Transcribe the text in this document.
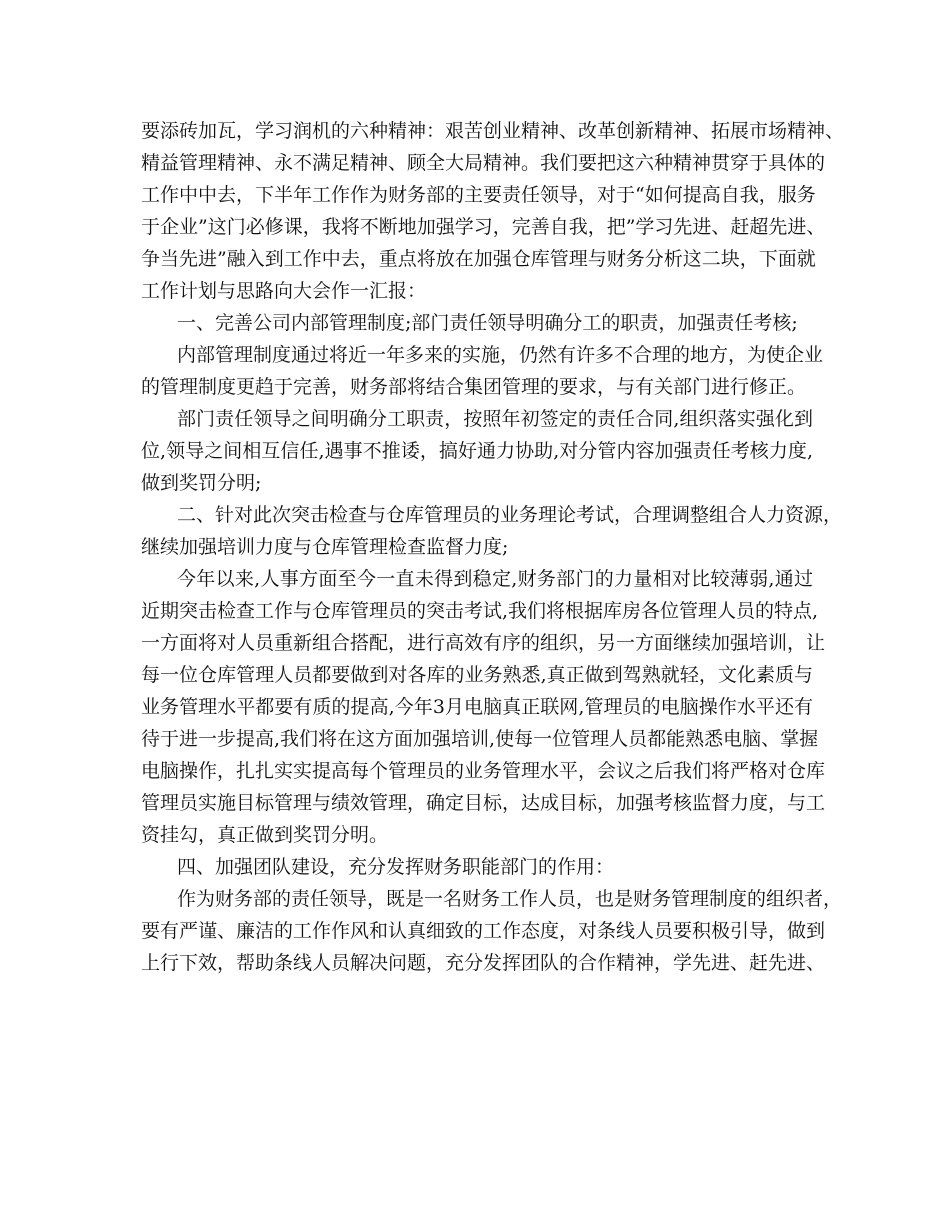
要添砖加瓦，学习润机的六种精神：艰苦创业精神、改革创新精神、拓展市场精神、
精益管理精神、永不满足精神、顾全大局精神。我们要把这六种精神贯穿于具体的
工作中中去，下半年工作作为财务部的主要责任领导，对于“如何提高自我，服务
于企业”这门必修课，我将不断地加强学习，完善自我，把”学习先进、赶超先进、
争当先进”融入到工作中去，重点将放在加强仓库管理与财务分析这二块，下面就
工作计划与思路向大会作一汇报：
一、完善公司内部管理制度;部门责任领导明确分工的职责，加强责任考核;
内部管理制度通过将近一年多来的实施，仍然有许多不合理的地方，为使企业
的管理制度更趋于完善，财务部将结合集团管理的要求，与有关部门进行修正。
部门责任领导之间明确分工职责，按照年初签定的责任合同,组织落实强化到
位,领导之间相互信任,遇事不推诿，搞好通力协助,对分管内容加强责任考核力度,
做到奖罚分明;
二、针对此次突击检查与仓库管理员的业务理论考试，合理调整组合人力资源，
继续加强培训力度与仓库管理检查监督力度;
今年以来,人事方面至今一直未得到稳定,财务部门的力量相对比较薄弱,通过
近期突击检查工作与仓库管理员的突击考试,我们将根据库房各位管理人员的特点,
一方面将对人员重新组合搭配，进行高效有序的组织，另一方面继续加强培训，让
每一位仓库管理人员都要做到对各库的业务熟悉,真正做到驾熟就轻，文化素质与
业务管理水平都要有质的提高,今年3月电脑真正联网,管理员的电脑操作水平还有
待于进一步提高,我们将在这方面加强培训,使每一位管理人员都能熟悉电脑、掌握
电脑操作，扎扎实实提高每个管理员的业务管理水平，会议之后我们将严格对仓库
管理员实施目标管理与绩效管理，确定目标，达成目标，加强考核监督力度，与工
资挂勾，真正做到奖罚分明。
四、加强团队建设，充分发挥财务职能部门的作用：
作为财务部的责任领导，既是一名财务工作人员，也是财务管理制度的组织者，
要有严谨、廉洁的工作作风和认真细致的工作态度，对条线人员要积极引导，做到
上行下效，帮助条线人员解决问题，充分发挥团队的合作精神，学先进、赶先进、
